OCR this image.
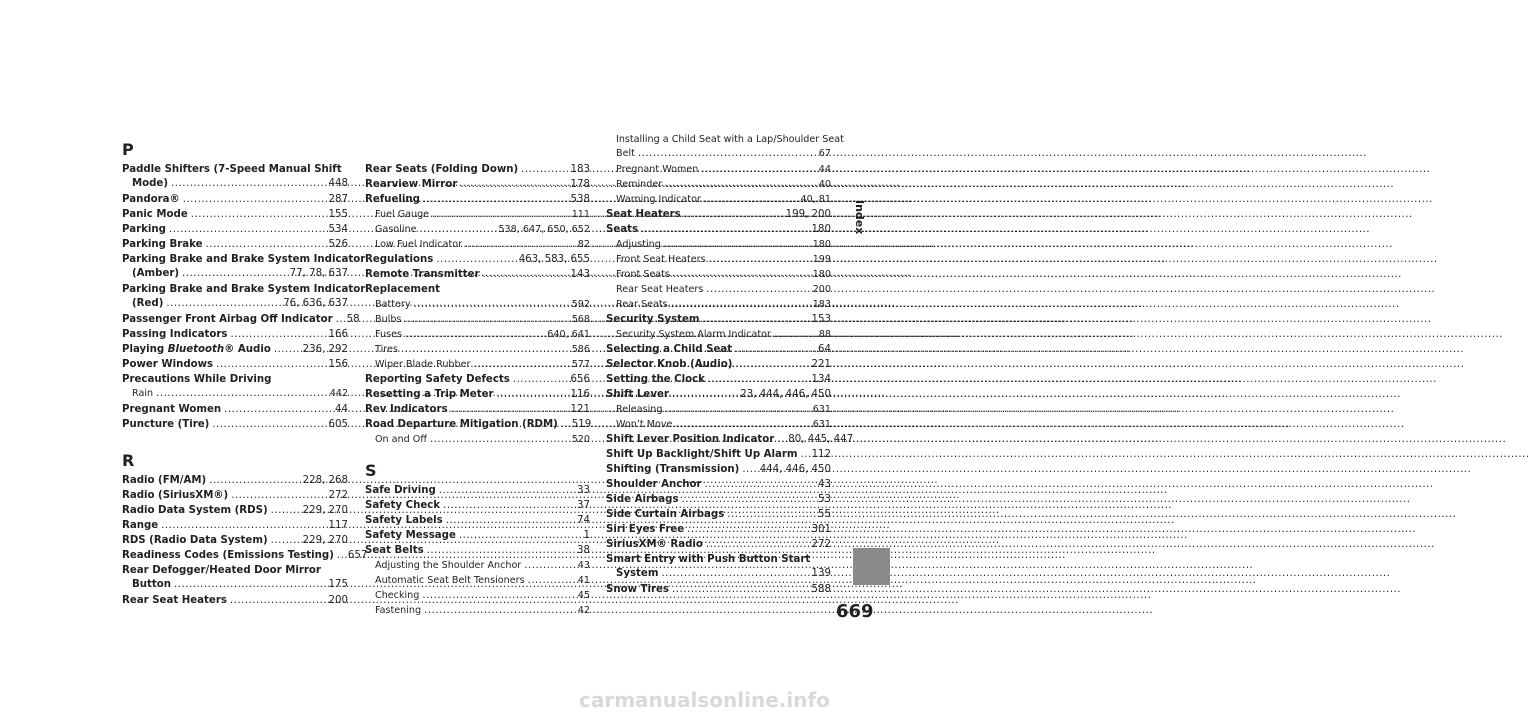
P
Paddle Shifters (7-Speed Manual Shift
Mode) .....	448
Pandora® .....	287
Panic Mode .....	155
Parking .....	534
Parking Brake .....	526
Parking Brake and Brake System Indicator
(Amber) .....	77, 78, 637
Parking Brake and Brake System Indicator
(Red) .....	76, 636, 637
Passenger Front Airbag Off Indicator ..... 58
Passing Indicators .....	166
Playing Bluetooth® Audio .....	236, 292
Power Windows .....	156
Precautions While Driving
Rain .....	442
Pregnant Women .....	44
Puncture (Tire) .....	605
R
Radio (FM/AM) .....	228, 268
Radio (SiriusXM®) .....	272
Radio Data System (RDS) .....	229, 270
Range .....	117
RDS (Radio Data System) .....	229, 270
Readiness Codes (Emissions Testing) ..... 657
Rear Defogger/Heated Door Mirror
Button .....	175
Rear Seat Heaters .....	200
Rear Seats (Folding Down) .....	183
Rearview Mirror .....	178
Refueling .....	538
Fuel Gauge .....	111
Gasoline .....	538, 647, 650, 652
Low Fuel Indicator .....	82
Regulations .....	463, 583, 655
Remote Transmitter .....	143
Replacement
Battery .....	592
Bulbs .....	568
Fuses .....	640, 641
Tires .....	586
Wiper Blade Rubber .....	577
Reporting Safety Defects .....	656
Resetting a Trip Meter .....	116
Rev Indicators .....	121
Road Departure Mitigation (RDM) ..... 519
On and Off .....	520
S
Safe Driving .....	33
Safety Check .....	37
Safety Labels .....	74
Safety Message .....	1
Seat Belts .....	38
Adjusting the Shoulder Anchor .....	43
Automatic Seat Belt Tensioners .....	41
Checking .....	45
Fastening .....	42
Installing a Child Seat with a Lap/Shoulder Seat
Belt .....	67
Pregnant Women .....	44
Reminder .....	40
Warning Indicator .....	40, 81
Seat Heaters .....	199, 200
Seats .....	180
Adjusting .....	180
Front Seat Heaters .....	199
Front Seats .....	180
Rear Seat Heaters .....	200
Rear Seats .....	183
Security System .....	153
Security System Alarm Indicator .....	88
Selecting a Child Seat .....	64
Selector Knob (Audio) .....	221
Setting the Clock .....	134
Shift Lever .....	23, 444, 446, 450
Releasing .....	631
Won’t Move .....	631
Shift Lever Position Indicator ..... 80, 445, 447
Shift Up Backlight/Shift Up Alarm ..... 112
Shifting (Transmission) ..... 444, 446, 450
Shoulder Anchor .....	43
Side Airbags .....	53
Side Curtain Airbags .....	55
Siri Eyes Free .....	301
SiriusXM® Radio .....	272
Smart Entry with Push Button Start
System .....	139
Snow Tires .....	588
Index
669
carmanualsonline.info
